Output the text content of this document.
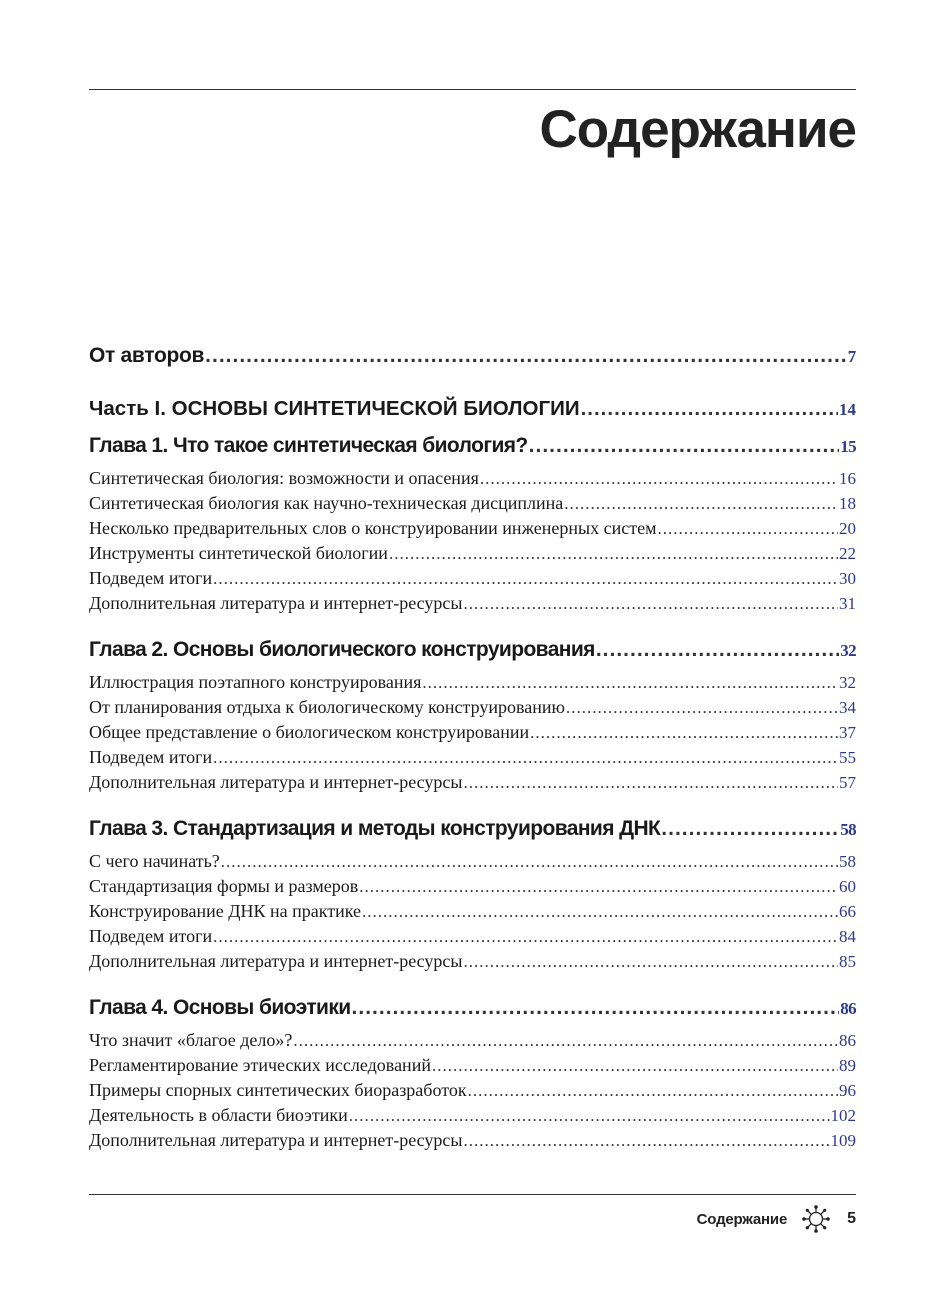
Содержание
От авторов .....	7
Часть I. ОСНОВЫ СИНТЕТИЧЕСКОЙ БИОЛОГИИ .....	14
Глава 1. Что такое синтетическая биология? .....	15
Синтетическая биология: возможности и опасения .....	16
Синтетическая биология как научно-техническая дисциплина .....	18
Несколько предварительных слов о конструировании инженерных систем .....	20
Инструменты синтетической биологии .....	22
Подведем итоги .....	30
Дополнительная литература и интернет-ресурсы .....	31
Глава 2. Основы биологического конструирования .....	32
Иллюстрация поэтапного конструирования .....	32
От планирования отдыха к биологическому конструированию .....	34
Общее представление о биологическом конструировании .....	37
Подведем итоги .....	55
Дополнительная литература и интернет-ресурсы .....	57
Глава 3. Стандартизация и методы конструирования ДНК .....	58
С чего начинать? .....	58
Стандартизация формы и размеров .....	60
Конструирование ДНК на практике .....	66
Подведем итоги .....	84
Дополнительная литература и интернет-ресурсы .....	85
Глава 4. Основы биоэтики .....	86
Что значит «благое дело»? .....	86
Регламентирование этических исследований .....	89
Примеры спорных синтетических биоразработок .....	96
Деятельность в области биоэтики .....	102
Дополнительная литература и интернет-ресурсы .....	109
Содержание	5
